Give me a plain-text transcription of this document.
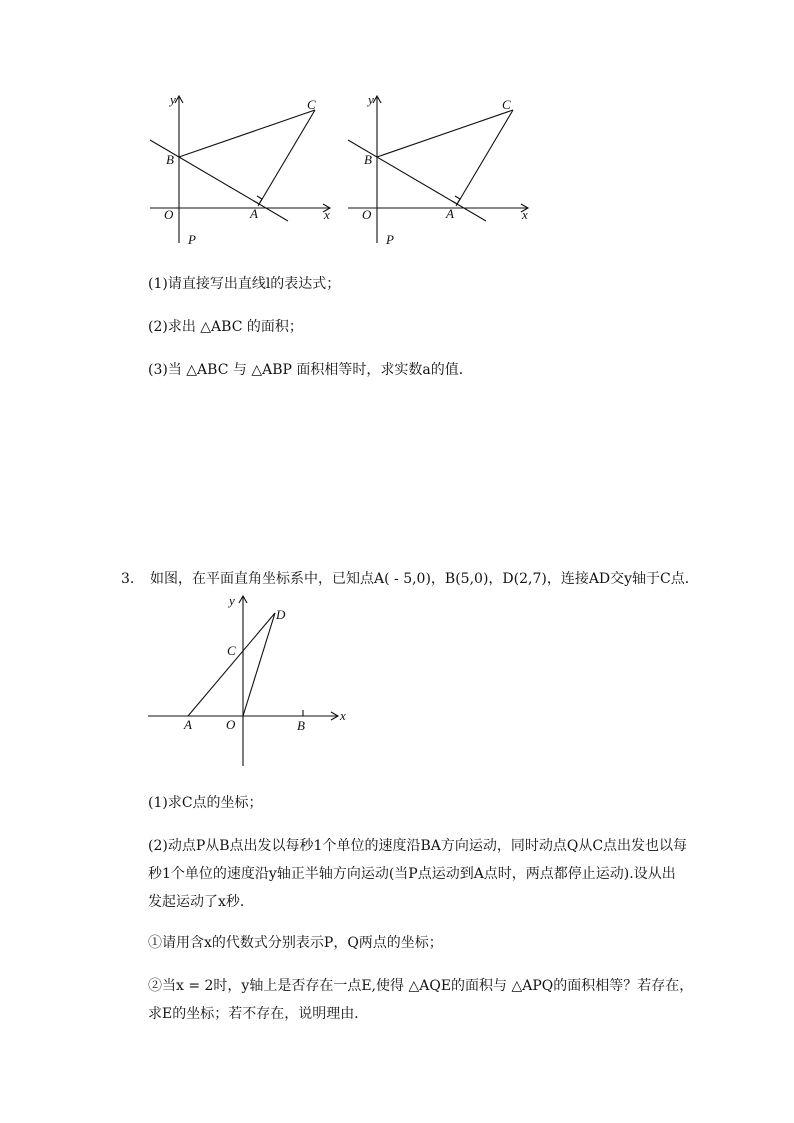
y
x
O	A
B
C
P
y
x
O	A
B
C
P
(1)请直接写出直线l的表达式；
(2)求出 △ABC 的面积；
(3)当 △ABC 与 △ABP 面积相等时，求实数a的值．
3. 如图，在平面直角坐标系中，已知点A( - 5,0)，B(5,0)，D(2,7)，连接AD交y轴于C点．
y
x
O
A	B
C
D
(1)求C点的坐标；
(2)动点P从B点出发以每秒1个单位的速度沿BA方向运动，同时动点Q从C点出发也以每
秒1个单位的速度沿y轴正半轴方向运动(当P点运动到A点时，两点都停止运动).设从出
发起运动了x秒．
①请用含x的代数式分别表示P，Q两点的坐标；
②当x = 2时，y轴上是否存在一点E,使得 △AQE的面积与 △APQ的面积相等？若存在，
求E的坐标；若不存在，说明理由．
